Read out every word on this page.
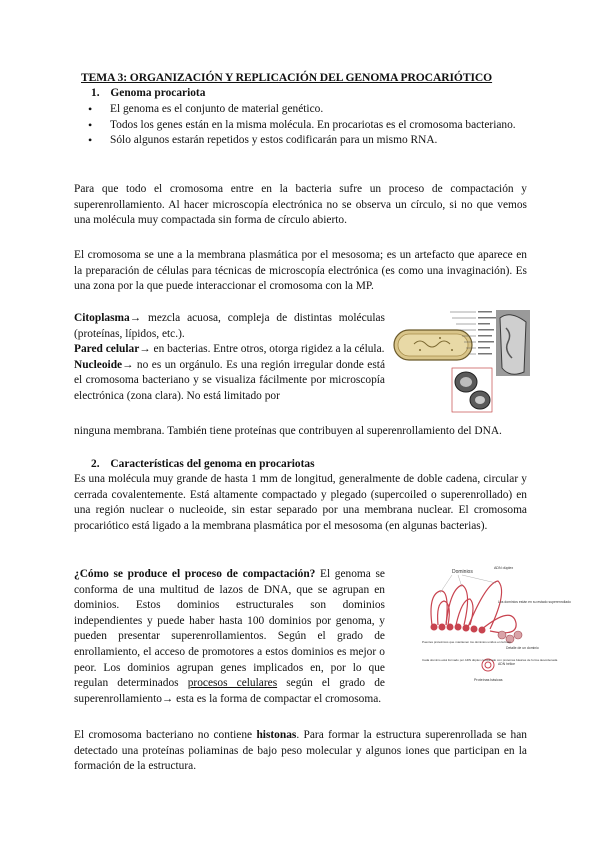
TEMA 3: ORGANIZACIÓN Y REPLICACIÓN DEL GENOMA PROCARIÓTICO
1. Genoma procariota
• El genoma es el conjunto de material genético.
• Todos los genes están en la misma molécula. En procariotas es el cromosoma bacteriano.
• Sólo algunos estarán repetidos y estos codificarán para un mismo RNA.

Para que todo el cromosoma entre en la bacteria sufre un proceso de compactación y superenrollamiento. Al hacer microscopía electrónica no se observa un círculo, si no que vemos una molécula muy compactada sin forma de círculo abierto.

El cromosoma se une a la membrana plasmática por el mesosoma; es un artefacto que aparece en la preparación de células para técnicas de microscopía electrónica (es como una invaginación). Es una zona por la que puede interaccionar el cromosoma con la MP.

Citoplasma→ mezcla acuosa, compleja de distintas moléculas (proteínas, lípidos, etc.).

Pared celular→ en bacterias. Entre otros, otorga rigidez a la célula.

Nucleoide→ no es un orgánulo. Es una región irregular donde está el cromosoma bacteriano y se visualiza fácilmente por microscopía electrónica (zona clara). No está limitado por

ninguna membrana. También tiene proteínas que contribuyen al superenrollamiento del DNA.

2. Características del genoma en procariotas

Es una molécula muy grande de hasta 1 mm de longitud, generalmente de doble cadena, circular y cerrada covalentemente. Está altamente compactado y plegado (supercoiled o superenrollado) en una región nuclear o nucleoide, sin estar separado por una membrana nuclear. El cromosoma procariótico está ligado a la membrana plasmática por el mesosoma (en algunas bacterias).

¿Cómo se produce el proceso de compactación? El genoma se conforma de una multitud de lazos de DNA, que se agrupan en dominios. Estos dominios estructurales son dominios independientes y puede haber hasta 100 dominios por genoma, y pueden presentar superenrollamientos. Según el grado de enrollamiento, el acceso de promotores a estos dominios es mejor o peor. Los dominios agrupan genes implicados en, por lo que regulan determinados procesos celulares según el grado de superenrollamiento→ esta es la forma de compactar el cromosoma.

Dominios
ADN dúplex
Los dominios están en su estado superenrollado
Detalle de un dominio
ADN hélice
Proteínas básicas
Puentes proteínicos que mantienen los dominios unidos en la base
Cada dominio está formado por ADN dúplex combinado con proteínas básicas de forma desordenada

El cromosoma bacteriano no contiene histonas. Para formar la estructura superenrollada se han detectado una proteínas poliaminas de bajo peso molecular y algunos iones que participan en la formación de la estructura.
